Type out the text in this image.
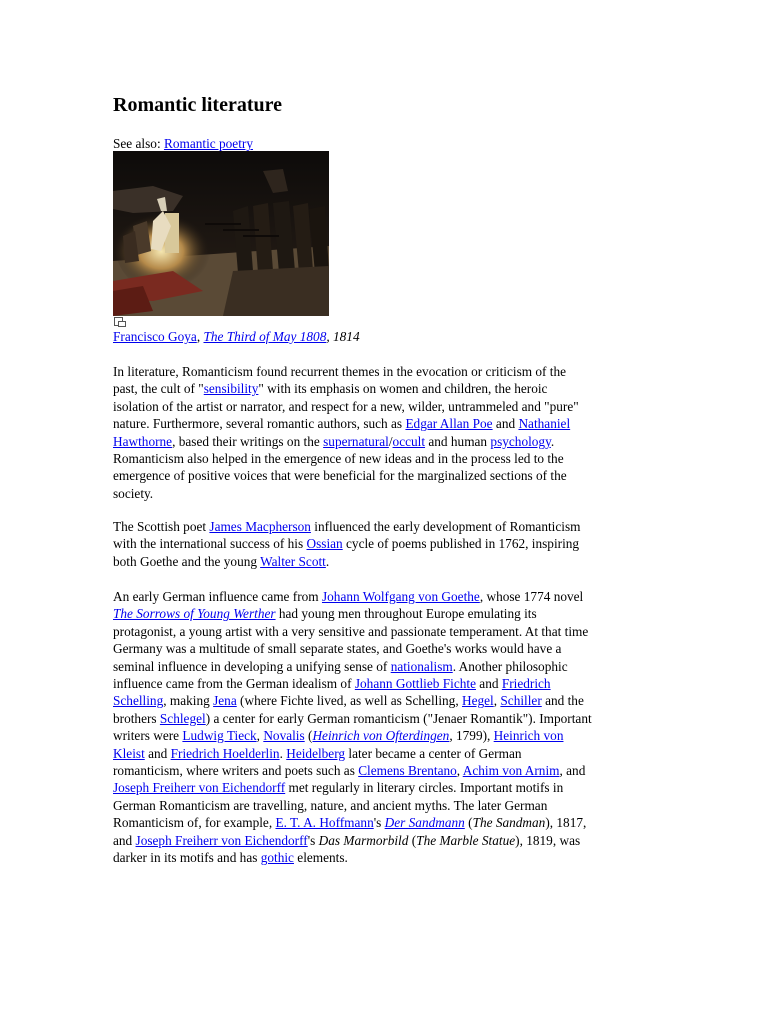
Romantic literature
See also: Romantic poetry
Francisco Goya, The Third of May 1808, 1814
In literature, Romanticism found recurrent themes in the evocation or criticism of the
past, the cult of "sensibility" with its emphasis on women and children, the heroic
isolation of the artist or narrator, and respect for a new, wilder, untrammeled and "pure"
nature. Furthermore, several romantic authors, such as Edgar Allan Poe and Nathaniel
Hawthorne, based their writings on the supernatural/occult and human psychology.
Romanticism also helped in the emergence of new ideas and in the process led to the
emergence of positive voices that were beneficial for the marginalized sections of the
society.
The Scottish poet James Macpherson influenced the early development of Romanticism
with the international success of his Ossian cycle of poems published in 1762, inspiring
both Goethe and the young Walter Scott.
An early German influence came from Johann Wolfgang von Goethe, whose 1774 novel
The Sorrows of Young Werther had young men throughout Europe emulating its
protagonist, a young artist with a very sensitive and passionate temperament. At that time
Germany was a multitude of small separate states, and Goethe's works would have a
seminal influence in developing a unifying sense of nationalism. Another philosophic
influence came from the German idealism of Johann Gottlieb Fichte and Friedrich
Schelling, making Jena (where Fichte lived, as well as Schelling, Hegel, Schiller and the
brothers Schlegel) a center for early German romanticism ("Jenaer Romantik"). Important
writers were Ludwig Tieck, Novalis (Heinrich von Ofterdingen, 1799), Heinrich von
Kleist and Friedrich Hoelderlin. Heidelberg later became a center of German
romanticism, where writers and poets such as Clemens Brentano, Achim von Arnim, and
Joseph Freiherr von Eichendorff met regularly in literary circles. Important motifs in
German Romanticism are travelling, nature, and ancient myths. The later German
Romanticism of, for example, E. T. A. Hoffmann's Der Sandmann (The Sandman), 1817,
and Joseph Freiherr von Eichendorff's Das Marmorbild (The Marble Statue), 1819, was
darker in its motifs and has gothic elements.
